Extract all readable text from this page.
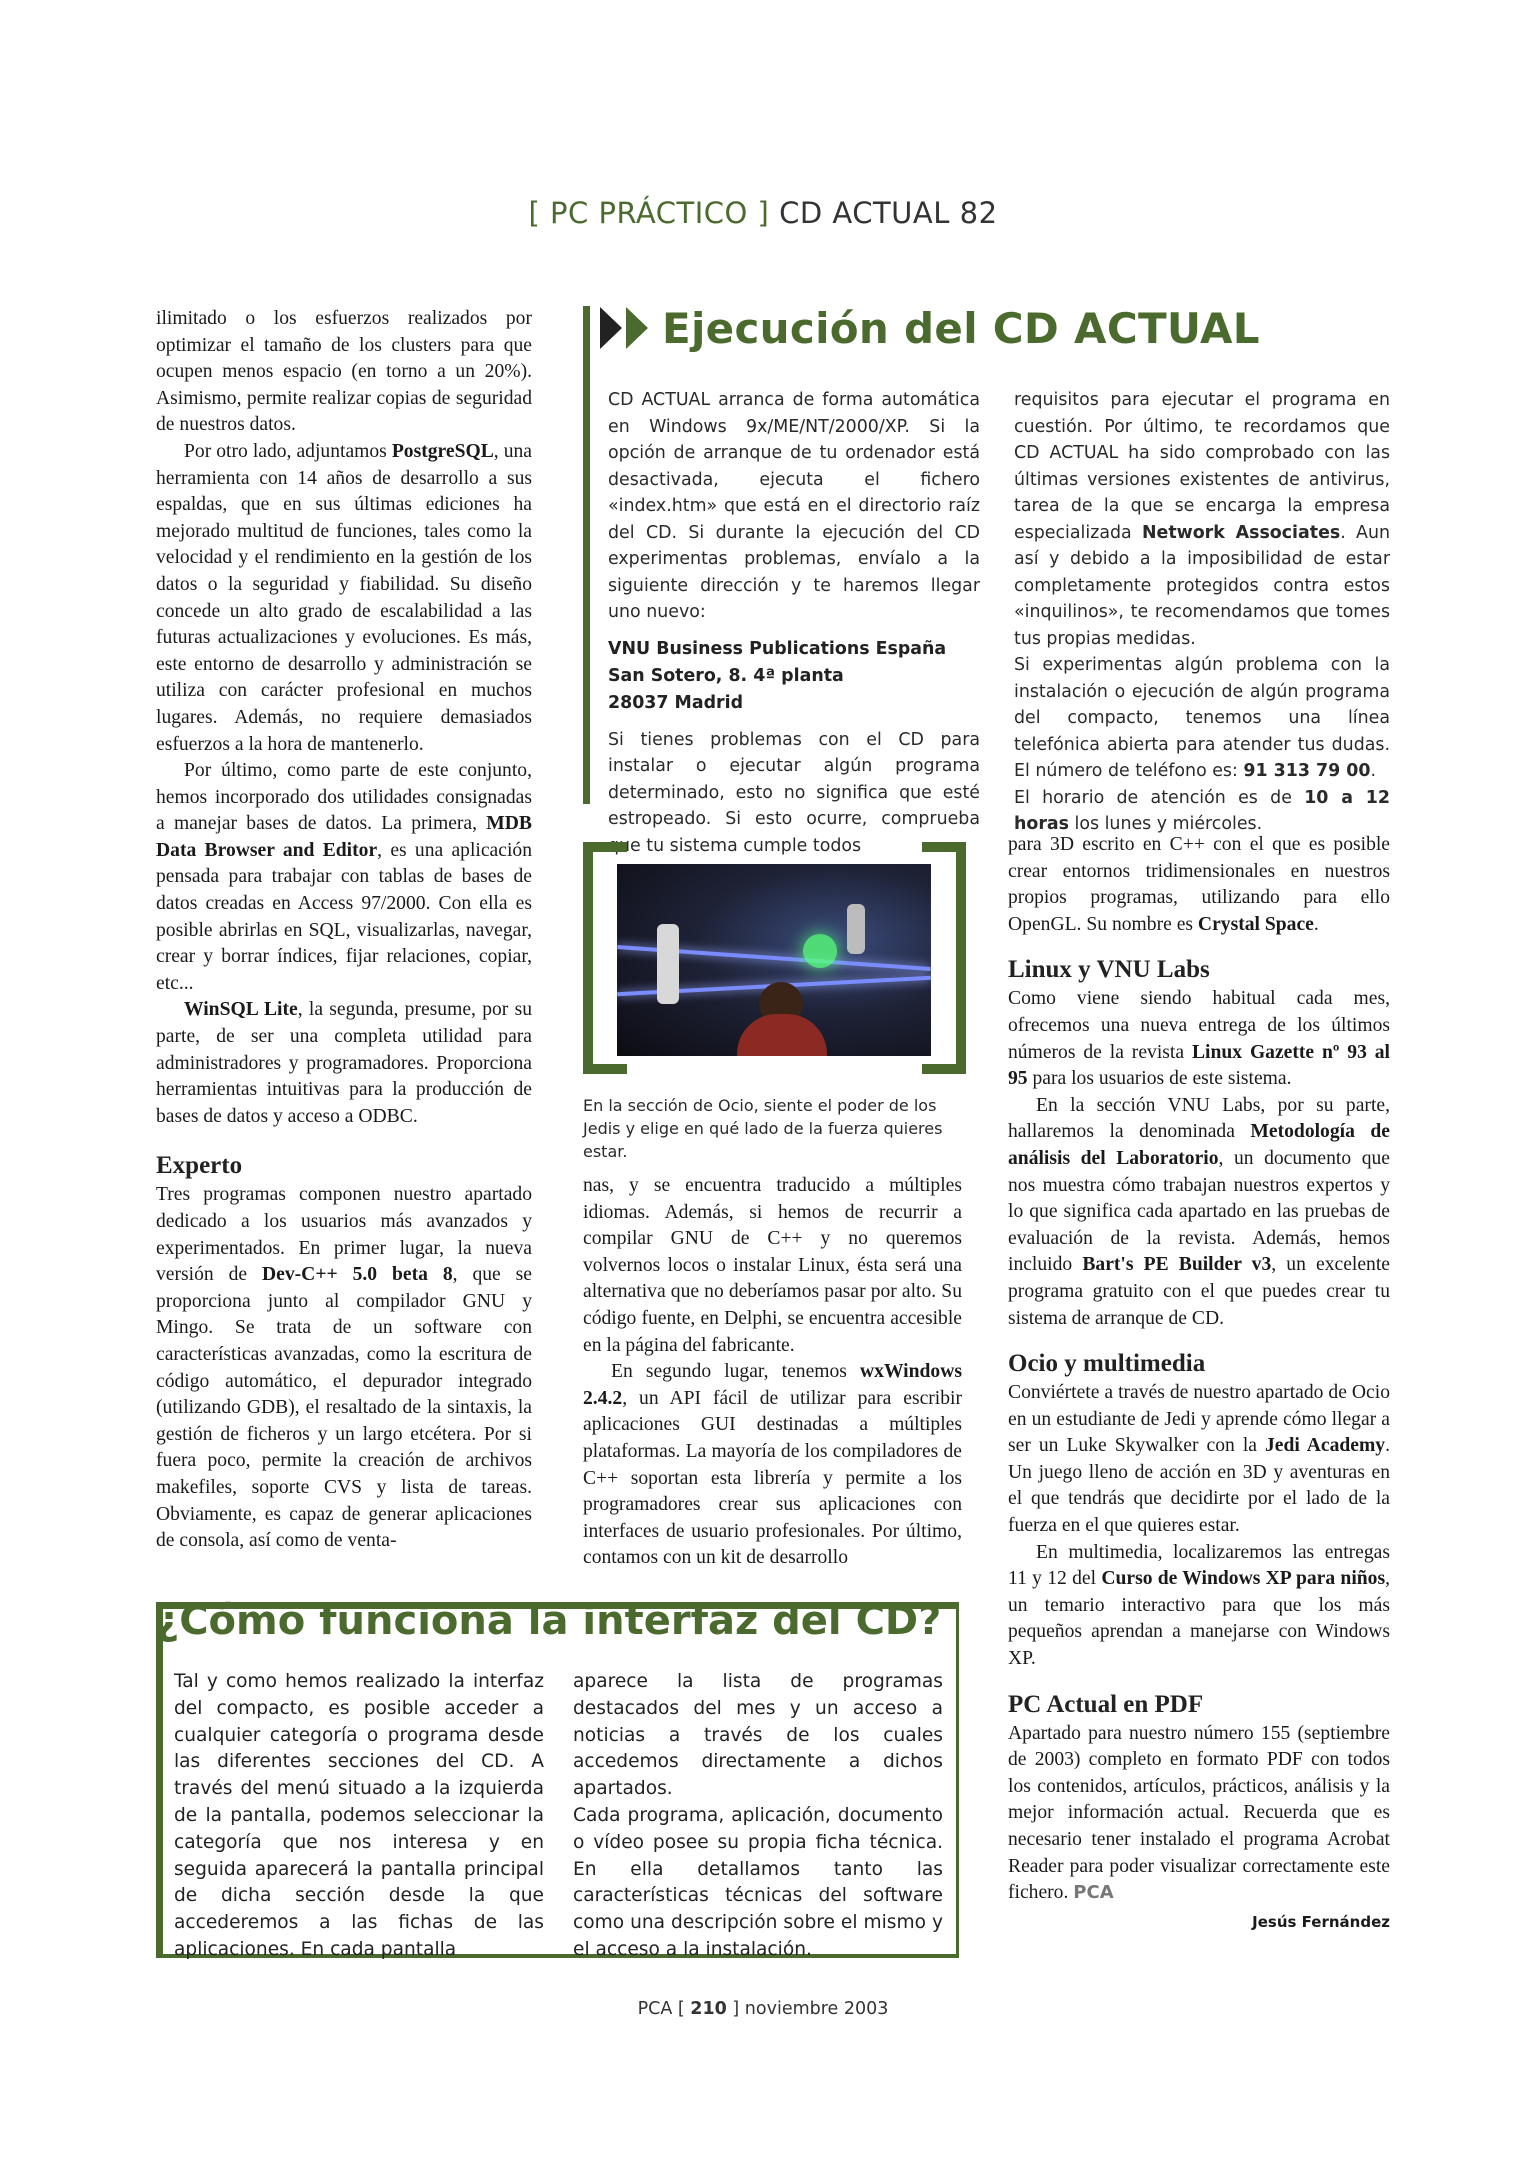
[ PC PRÁCTICO ] CD ACTUAL 82

ilimitado o los esfuerzos realizados por optimizar el tamaño de los clusters para que ocupen menos espacio (en torno a un 20%). Asimismo, permite realizar copias de seguridad de nuestros datos.

Por otro lado, adjuntamos PostgreSQL, una herramienta con 14 años de desarrollo a sus espaldas, que en sus últimas ediciones ha mejorado multitud de funciones, tales como la velocidad y el rendimiento en la gestión de los datos o la seguridad y fiabilidad. Su diseño concede un alto grado de escalabilidad a las futuras actualizaciones y evoluciones. Es más, este entorno de desarrollo y administración se utiliza con carácter profesional en muchos lugares. Además, no requiere demasiados esfuerzos a la hora de mantenerlo.

Por último, como parte de este conjunto, hemos incorporado dos utilidades consignadas a manejar bases de datos. La primera, MDB Data Browser and Editor, es una aplicación pensada para trabajar con tablas de bases de datos creadas en Access 97/2000. Con ella es posible abrirlas en SQL, visualizarlas, navegar, crear y borrar índices, fijar relaciones, copiar, etc...

WinSQL Lite, la segunda, presume, por su parte, de ser una completa utilidad para administradores y programadores. Proporciona herramientas intuitivas para la producción de bases de datos y acceso a ODBC.

Experto

Tres programas componen nuestro apartado dedicado a los usuarios más avanzados y experimentados. En primer lugar, la nueva versión de Dev-C++ 5.0 beta 8, que se proporciona junto al compilador GNU y Mingo. Se trata de un software con características avanzadas, como la escritura de código automático, el depurador integrado (utilizando GDB), el resaltado de la sintaxis, la gestión de ficheros y un largo etcétera. Por si fuera poco, permite la creación de archivos makefiles, soporte CVS y lista de tareas. Obviamente, es capaz de generar aplicaciones de consola, así como de venta-

Ejecución del CD ACTUAL

CD ACTUAL arranca de forma automática en Windows 9x/ME/NT/2000/XP. Si la opción de arranque de tu ordenador está desactivada, ejecuta el fichero «index.htm» que está en el directorio raíz del CD. Si durante la ejecución del CD experimentas problemas, envíalo a la siguiente dirección y te haremos llegar uno nuevo:

VNU Business Publications España
San Sotero, 8. 4ª planta
28037 Madrid

Si tienes problemas con el CD para instalar o ejecutar algún programa determinado, esto no significa que esté estropeado. Si esto ocurre, comprueba que tu sistema cumple todos

requisitos para ejecutar el programa en cuestión. Por último, te recordamos que CD ACTUAL ha sido comprobado con las últimas versiones existentes de antivirus, tarea de la que se encarga la empresa especializada Network Associates. Aun así y debido a la imposibilidad de estar completamente protegidos contra estos «inquilinos», te recomendamos que tomes tus propias medidas.

Si experimentas algún problema con la instalación o ejecución de algún programa del compacto, tenemos una línea telefónica abierta para atender tus dudas. El número de teléfono es: 91 313 79 00.

El horario de atención es de 10 a 12 horas los lunes y miércoles.

En la sección de Ocio, siente el poder de los Jedis y elige en qué lado de la fuerza quieres estar.

nas, y se encuentra traducido a múltiples idiomas. Además, si hemos de recurrir a compilar GNU de C++ y no queremos volvernos locos o instalar Linux, ésta será una alternativa que no deberíamos pasar por alto. Su código fuente, en Delphi, se encuentra accesible en la página del fabricante.

En segundo lugar, tenemos wxWindows 2.4.2, un API fácil de utilizar para escribir aplicaciones GUI destinadas a múltiples plataformas. La mayoría de los compiladores de C++ soportan esta librería y permite a los programadores crear sus aplicaciones con interfaces de usuario profesionales. Por último, contamos con un kit de desarrollo

para 3D escrito en C++ con el que es posible crear entornos tridimensionales en nuestros propios programas, utilizando para ello OpenGL. Su nombre es Crystal Space.

Linux y VNU Labs

Como viene siendo habitual cada mes, ofrecemos una nueva entrega de los últimos números de la revista Linux Gazette nº 93 al 95 para los usuarios de este sistema.

En la sección VNU Labs, por su parte, hallaremos la denominada Metodología de análisis del Laboratorio, un documento que nos muestra cómo trabajan nuestros expertos y lo que significa cada apartado en las pruebas de evaluación de la revista. Además, hemos incluido Bart's PE Builder v3, un excelente programa gratuito con el que puedes crear tu sistema de arranque de CD.

Ocio y multimedia

Conviértete a través de nuestro apartado de Ocio en un estudiante de Jedi y aprende cómo llegar a ser un Luke Skywalker con la Jedi Academy. Un juego lleno de acción en 3D y aventuras en el que tendrás que decidirte por el lado de la fuerza en el que quieres estar.

En multimedia, localizaremos las entregas 11 y 12 del Curso de Windows XP para niños, un temario interactivo para que los más pequeños aprendan a manejarse con Windows XP.

PC Actual en PDF

Apartado para nuestro número 155 (septiembre de 2003) completo en formato PDF con todos los contenidos, artículos, prácticos, análisis y la mejor información actual. Recuerda que es necesario tener instalado el programa Acrobat Reader para poder visualizar correctamente este fichero. PCA

Jesús Fernández
¿Cómo funciona la interfaz del CD?

Tal y como hemos realizado la interfaz del compacto, es posible acceder a cualquier categoría o programa desde las diferentes secciones del CD. A través del menú situado a la izquierda de la pantalla, podemos seleccionar la categoría que nos interesa y en seguida aparecerá la pantalla principal de dicha sección desde la que accederemos a las fichas de las aplicaciones. En cada pantalla

aparece la lista de programas destacados del mes y un acceso a noticias a través de los cuales accedemos directamente a dichos apartados.

Cada programa, aplicación, documento o vídeo posee su propia ficha técnica. En ella detallamos tanto las características técnicas del software como una descripción sobre el mismo y el acceso a la instalación.

PCA [ 210 ] noviembre 2003
